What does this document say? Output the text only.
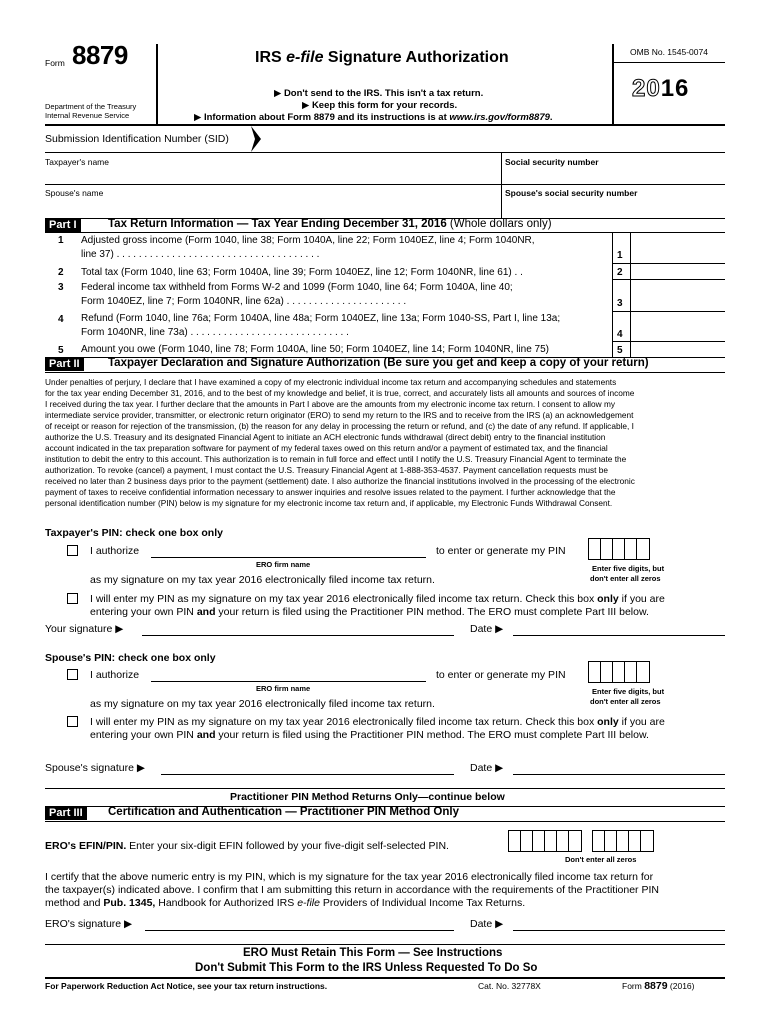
Form 8879
Department of the Treasury
Internal Revenue Service
IRS e-file Signature Authorization
▶ Don't send to the IRS. This isn't a tax return.
▶ Keep this form for your records.
▶ Information about Form 8879 and its instructions is at www.irs.gov/form8879.
OMB No. 1545-0074
2016
Submission Identification Number (SID)
Taxpayer's name	Social security number
Spouse's name	Spouse's social security number
Part I	Tax Return Information — Tax Year Ending December 31, 2016 (Whole dollars only)
1 Adjusted gross income (Form 1040, line 38; Form 1040A, line 22; Form 1040EZ, line 4; Form 1040NR,
line 37) . . . . . . . . . . . . . . . . . . . . . . . . . . . . . . . . . . . . .	1
2 Total tax (Form 1040, line 63; Form 1040A, line 39; Form 1040EZ, line 12; Form 1040NR, line 61) . .	2
3 Federal income tax withheld from Forms W-2 and 1099 (Form 1040, line 64; Form 1040A, line 40;
Form 1040EZ, line 7; Form 1040NR, line 62a) . . . . . . . . . . . . . . . . . . . . . .	3
4 Refund (Form 1040, line 76a; Form 1040A, line 48a; Form 1040EZ, line 13a; Form 1040-SS, Part I, line 13a;
Form 1040NR, line 73a) . . . . . . . . . . . . . . . . . . . . . . . . . . . . .	4
5 Amount you owe (Form 1040, line 78; Form 1040A, line 50; Form 1040EZ, line 14; Form 1040NR, line 75)	5
Part II	Taxpayer Declaration and Signature Authorization (Be sure you get and keep a copy of your return)
Under penalties of perjury, I declare that I have examined a copy of my electronic individual income tax return and accompanying schedules and statements
for the tax year ending December 31, 2016, and to the best of my knowledge and belief, it is true, correct, and accurately lists all amounts and sources of income
I received during the tax year. I further declare that the amounts in Part I above are the amounts from my electronic income tax return. I consent to allow my
intermediate service provider, transmitter, or electronic return originator (ERO) to send my return to the IRS and to receive from the IRS (a) an acknowledgement
of receipt or reason for rejection of the transmission, (b) the reason for any delay in processing the return or refund, and (c) the date of any refund. If applicable, I
authorize the U.S. Treasury and its designated Financial Agent to initiate an ACH electronic funds withdrawal (direct debit) entry to the financial institution
account indicated in the tax preparation software for payment of my federal taxes owed on this return and/or a payment of estimated tax, and the financial
institution to debit the entry to this account. This authorization is to remain in full force and effect until I notify the U.S. Treasury Financial Agent to terminate the
authorization. To revoke (cancel) a payment, I must contact the U.S. Treasury Financial Agent at 1-888-353-4537. Payment cancellation requests must be
received no later than 2 business days prior to the payment (settlement) date. I also authorize the financial institutions involved in the processing of the electronic
payment of taxes to receive confidential information necessary to answer inquiries and resolve issues related to the payment. I further acknowledge that the
personal identification number (PIN) below is my signature for my electronic income tax return and, if applicable, my Electronic Funds Withdrawal Consent.
Taxpayer's PIN: check one box only
I authorize
ERO firm name
to enter or generate my PIN
Enter five digits, but
don't enter all zeros
as my signature on my tax year 2016 electronically filed income tax return.
I will enter my PIN as my signature on my tax year 2016 electronically filed income tax return. Check this box only if you are
entering your own PIN and your return is filed using the Practitioner PIN method. The ERO must complete Part III below.
Your signature ▶	Date ▶
Spouse's PIN: check one box only
I authorize
ERO firm name
to enter or generate my PIN
Enter five digits, but
don't enter all zeros
as my signature on my tax year 2016 electronically filed income tax return.
I will enter my PIN as my signature on my tax year 2016 electronically filed income tax return. Check this box only if you are
entering your own PIN and your return is filed using the Practitioner PIN method. The ERO must complete Part III below.
Spouse's signature ▶	Date ▶
Practitioner PIN Method Returns Only—continue below
Part III	Certification and Authentication — Practitioner PIN Method Only
ERO's EFIN/PIN. Enter your six-digit EFIN followed by your five-digit self-selected PIN.
Don't enter all zeros
I certify that the above numeric entry is my PIN, which is my signature for the tax year 2016 electronically filed income tax return for
the taxpayer(s) indicated above. I confirm that I am submitting this return in accordance with the requirements of the Practitioner PIN
method and Pub. 1345, Handbook for Authorized IRS e-file Providers of Individual Income Tax Returns.
ERO's signature ▶	Date ▶
ERO Must Retain This Form — See Instructions
Don't Submit This Form to the IRS Unless Requested To Do So
For Paperwork Reduction Act Notice, see your tax return instructions.	Cat. No. 32778X	Form 8879 (2016)
